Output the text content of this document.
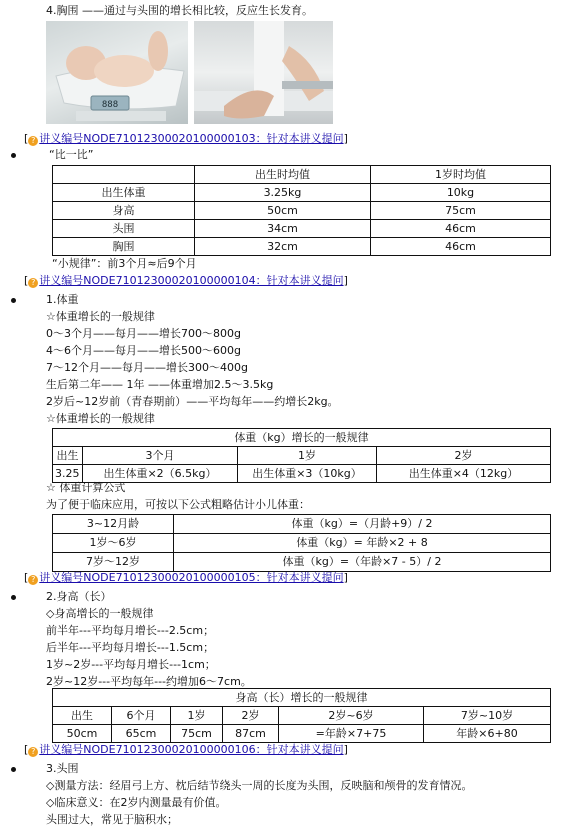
4.胸围 ——通过与头围的增长相比较，反应生长发育。
888
[ ? 讲义编号NODE71012300020100000103：针对本讲义提问]
“比一比”
	出生时均值	1岁时均值
出生体重	3.25kg	10kg
身高	50cm	75cm
头围	34cm	46cm
胸围	32cm	46cm
“小规律”：前3个月≈后9个月
[ ? 讲义编号NODE71012300020100000104：针对本讲义提问]
1.体重
☆体重增长的一般规律
0～3个月——每月——增长700～800g
4～6个月——每月——增长500～600g
7～12个月——每月——增长300～400g
生后第二年—— 1年 ——体重增加2.5～3.5kg
2岁后~12岁前（青春期前）——平均每年——约增长2kg。
☆体重增长的一般规律
体重（kg）增长的一般规律			
出生	3个月	1岁	2岁
3.25	出生体重×2（6.5kg）	出生体重×3（10kg）	出生体重×4（12kg）
☆ 体重计算公式
为了便于临床应用，可按以下公式粗略估计小儿体重：
3~12月龄	体重（kg）=（月龄+9）/ 2
1岁～6岁	体重（kg）= 年龄×2 + 8
7岁～12岁	体重（kg）=（年龄×7 - 5）/ 2
[ ? 讲义编号NODE71012300020100000105：针对本讲义提问]
2.身高（长）
◇身高增长的一般规律
前半年---平均每月增长---2.5cm；
后半年---平均每月增长---1.5cm；
1岁~2岁---平均每月增长---1cm；
2岁~12岁---平均每年---约增加6～7cm。
身高（长）增长的一般规律					
出生	6个月	1岁	2岁	2岁~6岁	7岁~10岁
50cm	65cm	75cm	87cm	=年龄×7+75	年龄×6+80
[ ? 讲义编号NODE71012300020100000106：针对本讲义提问]
3.头围
◇测量方法：经眉弓上方、枕后结节绕头一周的长度为头围，反映脑和颅骨的发育情况。
◇临床意义：在2岁内测量最有价值。
头围过大，常见于脑积水；
